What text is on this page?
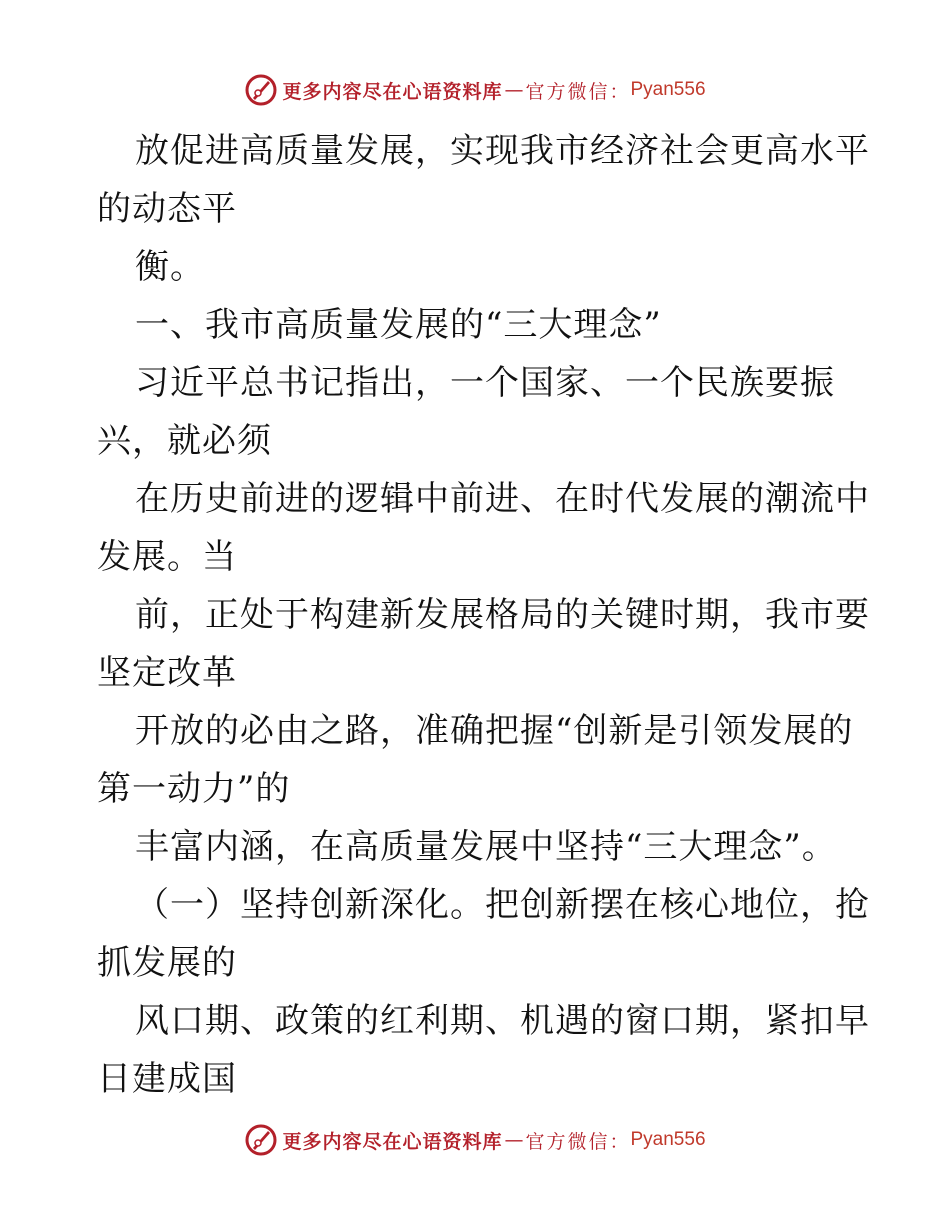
更多内容尽在心语资料库 — 官方微信： Pyan556
放促进高质量发展，实现我市经济社会更高水平
的动态平
衡。
一、我市高质量发展的“三大理念”
习近平总书记指出，一个国家、一个民族要振
兴，就必须
在历史前进的逻辑中前进、在时代发展的潮流中
发展。当
前，正处于构建新发展格局的关键时期，我市要
坚定改革
开放的必由之路，准确把握“创新是引领发展的
第一动力”的
丰富内涵，在高质量发展中坚持“三大理念”。
（一）坚持创新深化。把创新摆在核心地位，抢
抓发展的
风口期、政策的红利期、机遇的窗口期，紧扣早
日建成国
更多内容尽在心语资料库 — 官方微信： Pyan556
